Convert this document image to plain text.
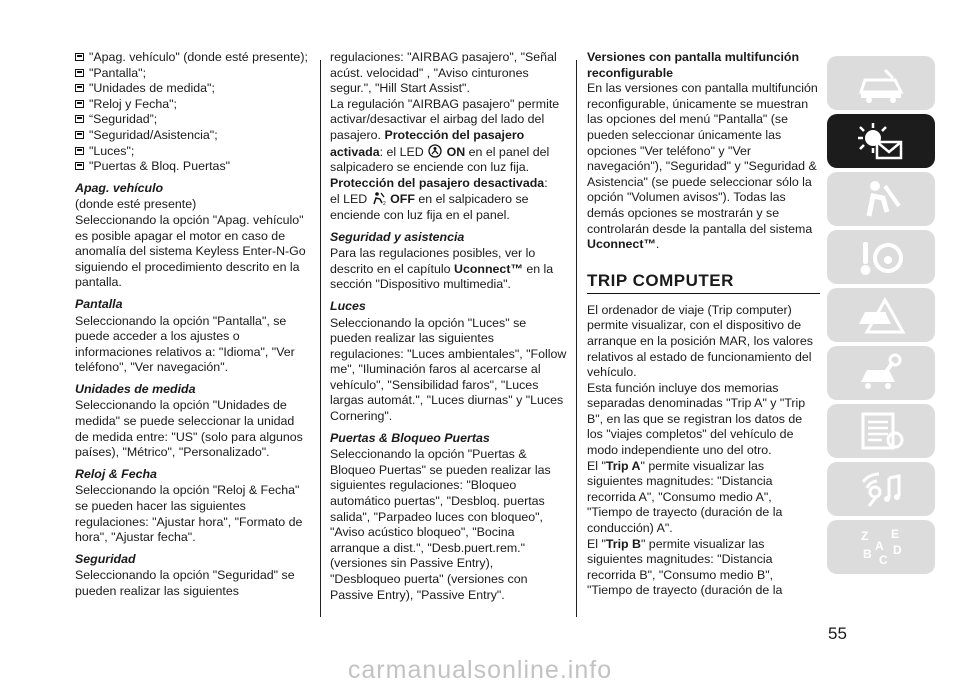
"Apag. vehículo" (donde esté presente);
"Pantalla";
"Unidades de medida";
"Reloj y Fecha";
“Seguridad”;
"Seguridad/Asistencia";
"Luces";
"Puertas & Bloq. Puertas"
Apag. vehículo

(donde esté presente)

Seleccionando la opción "Apag. vehículo" es posible apagar el motor en caso de anomalía del sistema Keyless Enter-N-Go siguiendo el procedimiento descrito en la pantalla.

Pantalla

Seleccionando la opción "Pantalla", se puede acceder a los ajustes o informaciones relativos a: "Idioma", "Ver teléfono", "Ver navegación".

Unidades de medida

Seleccionando la opción "Unidades de medida" se puede seleccionar la unidad de medida entre: "US" (solo para algunos países), "Métrico", "Personalizado".

Reloj & Fecha

Seleccionando la opción "Reloj & Fecha" se pueden hacer las siguientes regulaciones: "Ajustar hora", "Formato de hora", "Ajustar fecha".

Seguridad

Seleccionando la opción "Seguridad" se pueden realizar las siguientes

regulaciones: "AIRBAG pasajero", "Señal acúst. velocidad" , "Aviso cinturones segur.", "Hill Start Assist".

La regulación "AIRBAG pasajero" permite activar/desactivar el airbag del lado del pasajero. Protección del pasajero activada: el LED ON en el panel del salpicadero se enciende con luz fija.

Protección del pasajero desactivada:
el LED	2 OFF en el salpicadero se enciende con luz fija en el panel.

Seguridad y asistencia

Para las regulaciones posibles, ver lo descrito en el capítulo Uconnect™ en la sección "Dispositivo multimedia".

Luces

Seleccionando la opción "Luces" se pueden realizar las siguientes regulaciones: "Luces ambientales", "Follow me", "Iluminación faros al acercarse al vehículo", "Sensibilidad faros", "Luces largas automát.", "Luces diurnas" y "Luces Cornering".

Puertas & Bloqueo Puertas

Seleccionando la opción "Puertas & Bloqueo Puertas" se pueden realizar las siguientes regulaciones: "Bloqueo automático puertas", "Desbloq. puertas salida", "Parpadeo luces con bloqueo", "Aviso acústico bloqueo", "Bocina arranque a dist.", "Desb.puert.rem." (versiones sin Passive Entry), "Desbloqueo puerta" (versiones con Passive Entry), "Passive Entry".

Versiones con pantalla multifunción reconfigurable

En las versiones con pantalla multifunción reconfigurable, únicamente se muestran las opciones del menú "Pantalla" (se pueden seleccionar únicamente las opciones "Ver teléfono" y "Ver navegación"), "Seguridad" y "Seguridad & Asistencia" (se puede seleccionar sólo la opción "Volumen avisos"). Todas las demás opciones se mostrarán y se controlarán desde la pantalla del sistema Uconnect™.

TRIP COMPUTER

El ordenador de viaje (Trip computer) permite visualizar, con el dispositivo de arranque en la posición MAR, los valores relativos al estado de funcionamiento del vehículo.

Esta función incluye dos memorias separadas denominadas "Trip A" y "Trip B", en las que se registran los datos de los "viajes completos" del vehículo de modo independiente uno del otro.

El "Trip A" permite visualizar las siguientes magnitudes: "Distancia recorrida A", "Consumo medio A", "Tiempo de trayecto (duración de la conducción) A".

El "Trip B" permite visualizar las siguientes magnitudes: "Distancia recorrida B", "Consumo medio B", "Tiempo de trayecto (duración de la

Z E
A
B D
C
55
carmanualsonline.info
